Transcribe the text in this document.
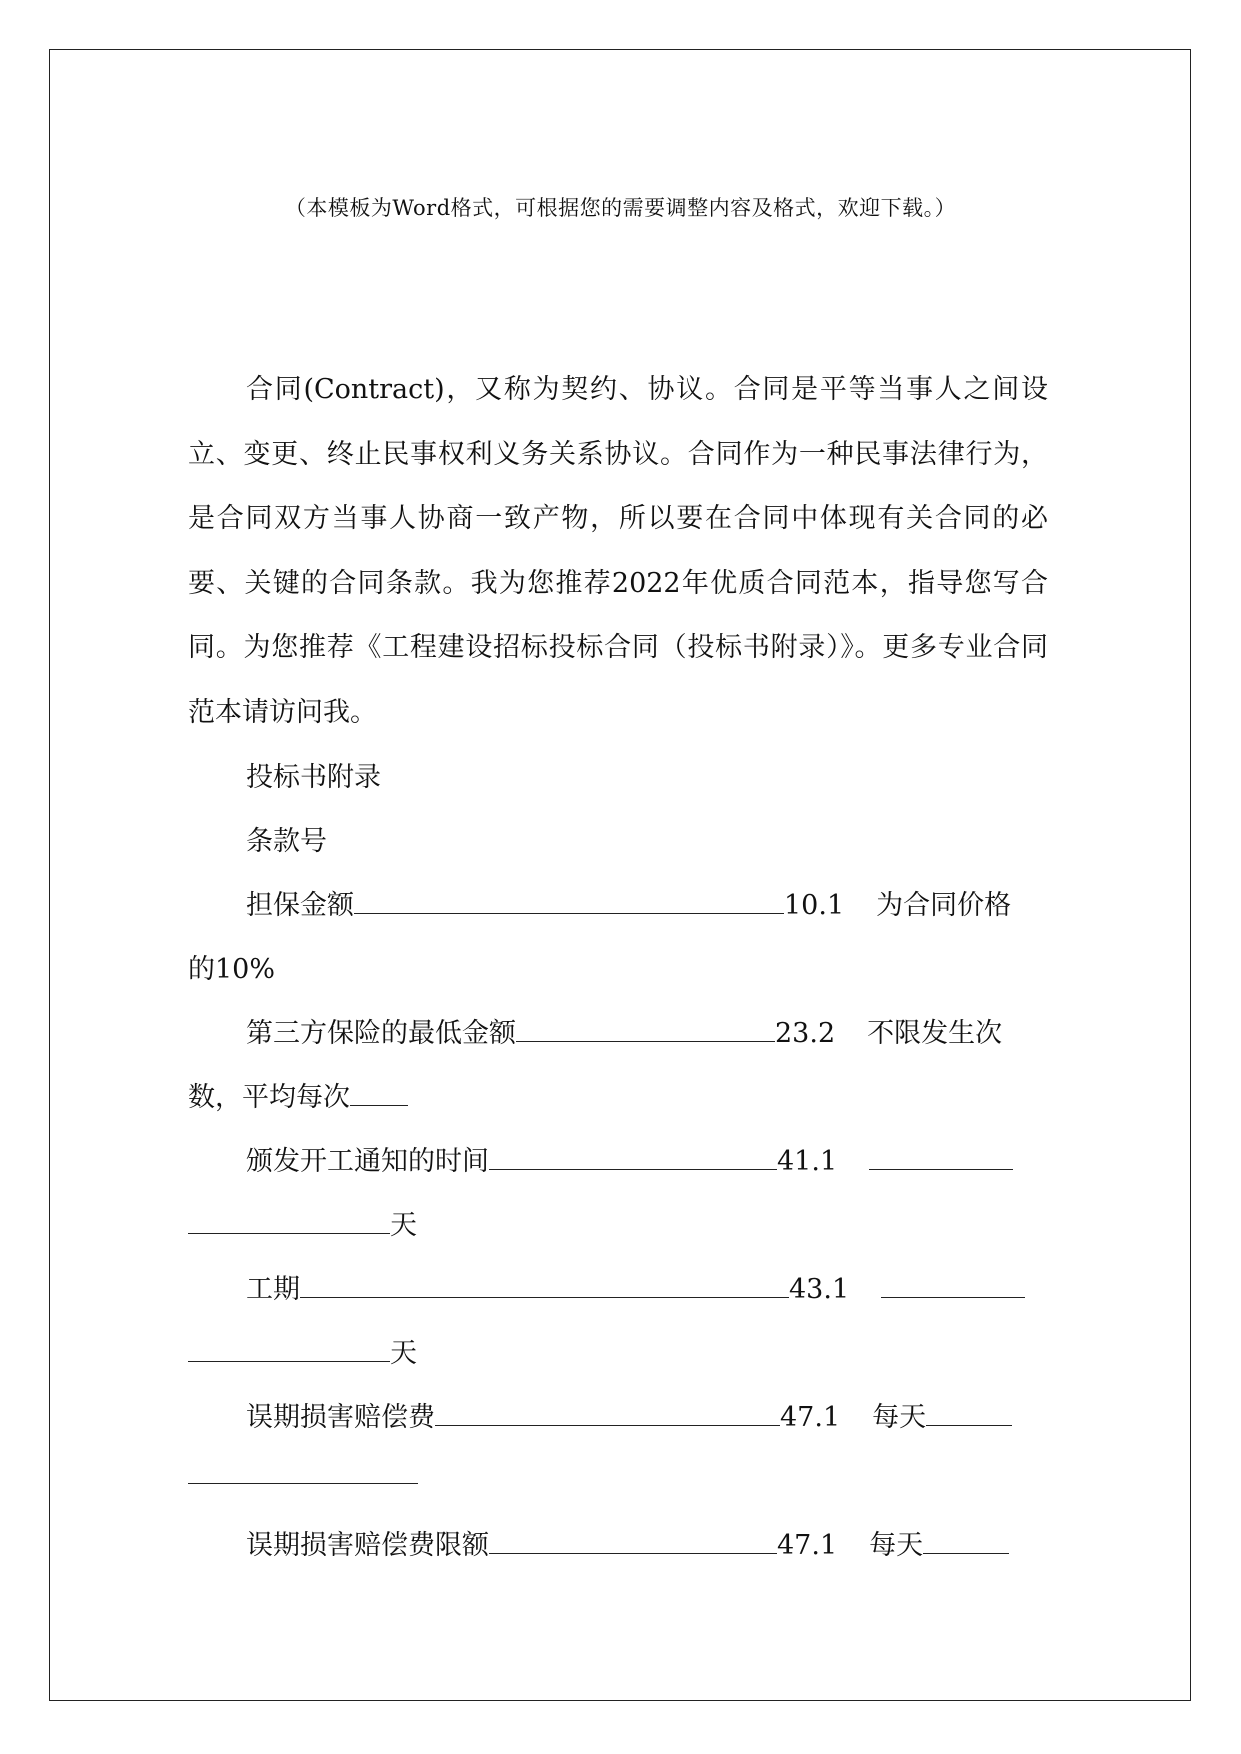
（本模板为Word格式，可根据您的需要调整内容及格式，欢迎下载。）

合同(Contract)，又称为契约、协议。合同是平等当事人之间设立、变更、终止民事权利义务关系协议。合同作为一种民事法律行为，是合同双方当事人协商一致产物，所以要在合同中体现有关合同的必要、关键的合同条款。我为您推荐2022年优质合同范本，指导您写合同。为您推荐《工程建设招标投标合同（投标书附录）》。更多专业合同范本请访问我。

投标书附录
条款号
担保金额	10.1 为合同价格
的10%
第三方保险的最低金额	23.2 不限发生次
数，平均每次
颁发开工通知的时间	41.1
天
工期	43.1
天
误期损害赔偿费	47.1 每天
误期损害赔偿费限额	47.1 每天
